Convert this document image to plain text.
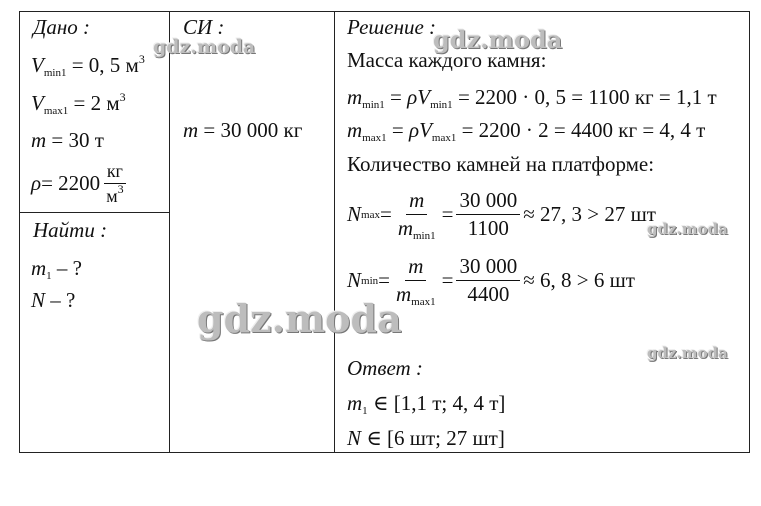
Дано :
$V_{min1} = 0$, 5 $м^3$
$V_{max1} = 2$ $м^3$
m = 30 т
$\rho = 2200 \frac{кг}{м^3}$
Найти :
$m_1$ – ?
N – ?
СИ :
m = 30 000 кг
Решение :
Масса каждого камня:
$m_{min1} = \rho V_{min1} = 2200 \cdot 0$, 5 = 1100 кг = 1,1 т
$m_{max1} = \rho V_{max1} = 2200 \cdot 2 = 4400$ кг = 4, 4 т
Количество камней на платформе:
N $\max = \frac{m}{m_{min1}} = \frac{30 000}{1100} \approx 27$, 3 > 27 шт
N $\min = \frac{m}{m_{max1}} = \frac{30 000}{4400} \approx 6$, 8 > 6 шт
Ответ :
$m_1$ ∈ [1,1 т; 4, 4 т]
N ∈ [6 шт; 27 шт]
gdz.moda	gdz.moda
gdz.moda
gdz.moda
gdz.moda
